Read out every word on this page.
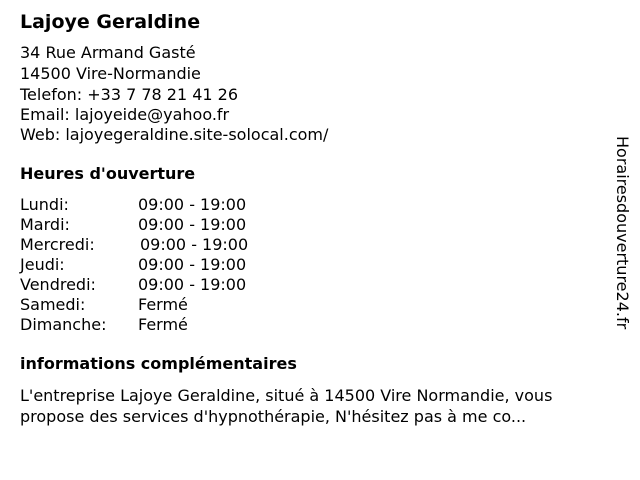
Lajoye Geraldine
34 Rue Armand Gasté
14500 Vire-Normandie
Telefon: +33 7 78 21 41 26
Email: lajoyeide@yahoo.fr
Web: lajoyegeraldine.site-solocal.com/
Heures d'ouverture
Lundi:	09:00 - 19:00
Mardi:	09:00 - 19:00
Mercredi:	09:00 - 19:00
Jeudi:	09:00 - 19:00
Vendredi:	09:00 - 19:00
Samedi:	Fermé
Dimanche: Fermé
informations complémentaires
L'entreprise Lajoye Geraldine, situé à 14500 Vire Normandie, vous propose des services d'hypnothérapie, N'hésitez pas à me co...
Horairesdouverture24.fr
